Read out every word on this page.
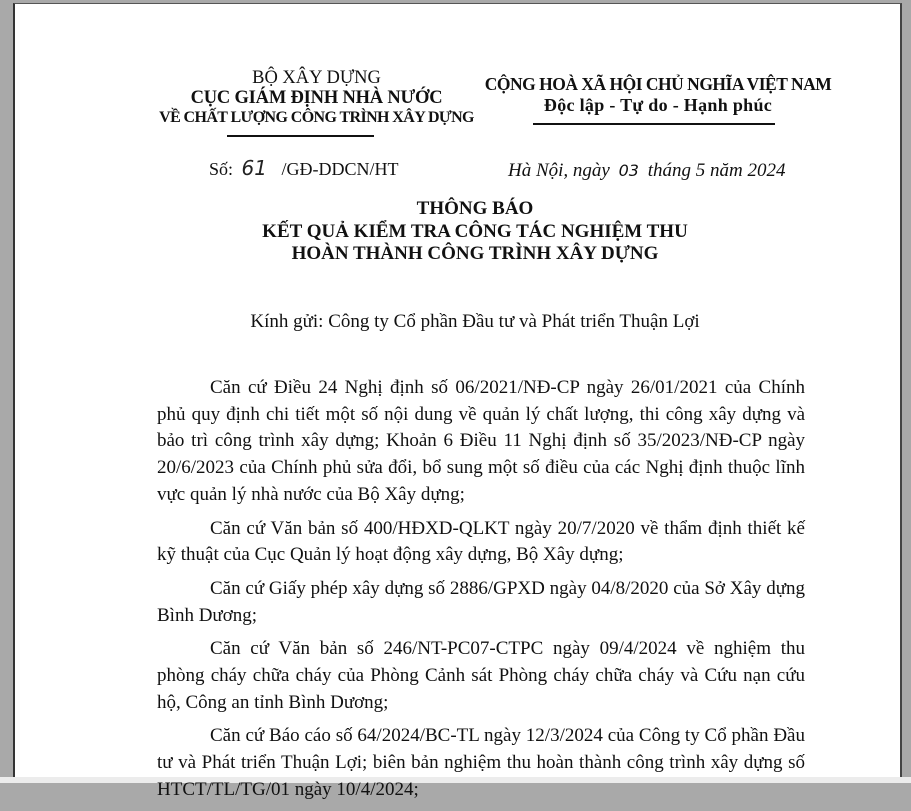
BỘ XÂY DỰNG
CỤC GIÁM ĐỊNH NHÀ NƯỚC
VỀ CHẤT LƯỢNG CÔNG TRÌNH XÂY DỰNG
CỘNG HOÀ XÃ HỘI CHỦ NGHĨA VIỆT NAM
Độc lập - Tự do - Hạnh phúc
Số: 61 /GĐ-DDCN/HT	Hà Nội, ngày 03 tháng 5 năm 2024
THÔNG BÁO
KẾT QUẢ KIỂM TRA CÔNG TÁC NGHIỆM THU
HOÀN THÀNH CÔNG TRÌNH XÂY DỰNG
Kính gửi: Công ty Cổ phần Đầu tư và Phát triển Thuận Lợi

Căn cứ Điều 24 Nghị định số 06/2021/NĐ-CP ngày 26/01/2021 của Chính phủ quy định chi tiết một số nội dung về quản lý chất lượng, thi công xây dựng và bảo trì công trình xây dựng; Khoản 6 Điều 11 Nghị định số 35/2023/NĐ-CP ngày 20/6/2023 của Chính phủ sửa đổi, bổ sung một số điều của các Nghị định thuộc lĩnh vực quản lý nhà nước của Bộ Xây dựng;

Căn cứ Văn bản số 400/HĐXD-QLKT ngày 20/7/2020 về thẩm định thiết kế kỹ thuật của Cục Quản lý hoạt động xây dựng, Bộ Xây dựng;

Căn cứ Giấy phép xây dựng số 2886/GPXD ngày 04/8/2020 của Sở Xây dựng Bình Dương;

Căn cứ Văn bản số 246/NT-PC07-CTPC ngày 09/4/2024 về nghiệm thu phòng cháy chữa cháy của Phòng Cảnh sát Phòng cháy chữa cháy và Cứu nạn cứu hộ, Công an tỉnh Bình Dương;

Căn cứ Báo cáo số 64/2024/BC-TL ngày 12/3/2024 của Công ty Cổ phần Đầu tư và Phát triển Thuận Lợi; biên bản nghiệm thu hoàn thành công trình xây dựng số HTCT/TL/TG/01 ngày 10/4/2024;
